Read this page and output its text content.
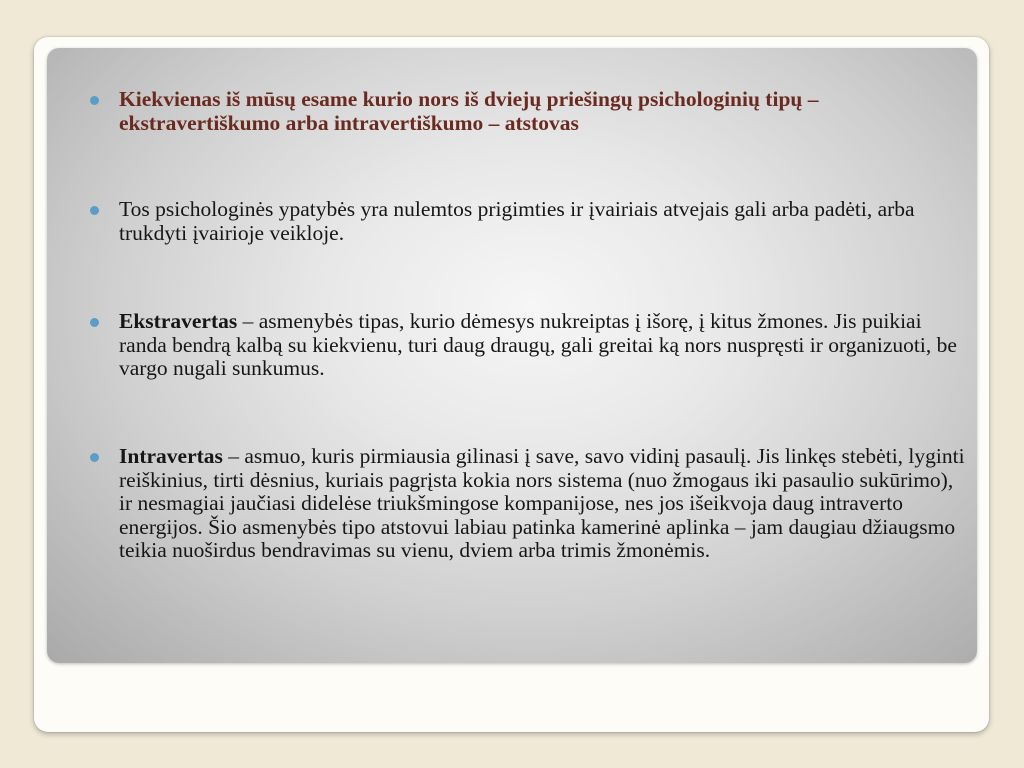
Kiekvienas iš mūsų esame kurio nors iš dviejų priešingų psichologinių tipų – ekstravertiškumo arba intravertiškumo – atstovas
Tos psichologinės ypatybės yra nulemtos prigimties ir įvairiais atvejais gali arba padėti, arba trukdyti įvairioje veikloje.
Ekstravertas – asmenybės tipas, kurio dėmesys nukreiptas į išorę, į kitus žmones. Jis puikiai randa bendrą kalbą su kiekvienu, turi daug draugų, gali greitai ką nors nuspręsti ir organizuoti, be vargo nugali sunkumus.
Intravertas – asmuo, kuris pirmiausia gilinasi į save, savo vidinį pasaulį. Jis linkęs stebėti, lyginti reiškinius, tirti dėsnius, kuriais pagrįsta kokia nors sistema (nuo žmogaus iki pasaulio sukūrimo), ir nesmagiai jaučiasi didelėse triukšmingose kompanijose, nes jos išeikvoja daug intraverto energijos. Šio asmenybės tipo atstovui labiau patinka kamerinė aplinka – jam daugiau džiaugsmo teikia nuoširdus bendravimas su vienu, dviem arba trimis žmonėmis.
